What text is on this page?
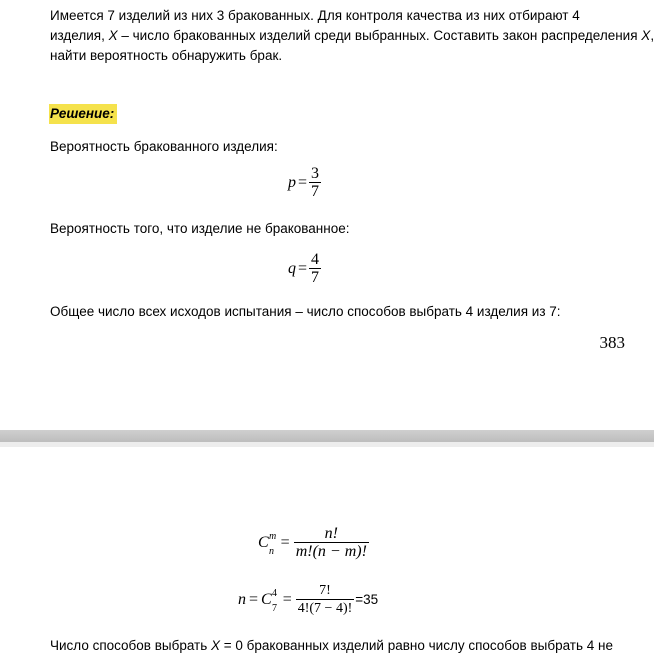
Имеется 7 изделий из них 3 бракованных. Для контроля качества из них отбирают 4
изделия, X – число бракованных изделий среди выбранных. Составить закон распределения X,
найти вероятность обнаружить брак.
Решение:
Вероятность бракованного изделия:
$p = \frac{3}{7}$
Вероятность того, что изделие не бракованное:
$q = \frac{4}{7}$
Общее число всех исходов испытания – число способов выбрать 4 изделия из 7:
383
C m
n
= $\frac{n!}{m!(n - m)!}$
n = C 4
7
= $\frac{7!}{4!(7 - 4)!} =35$
Число способов выбрать X = 0 бракованных изделий равно числу способов выбрать 4 не
